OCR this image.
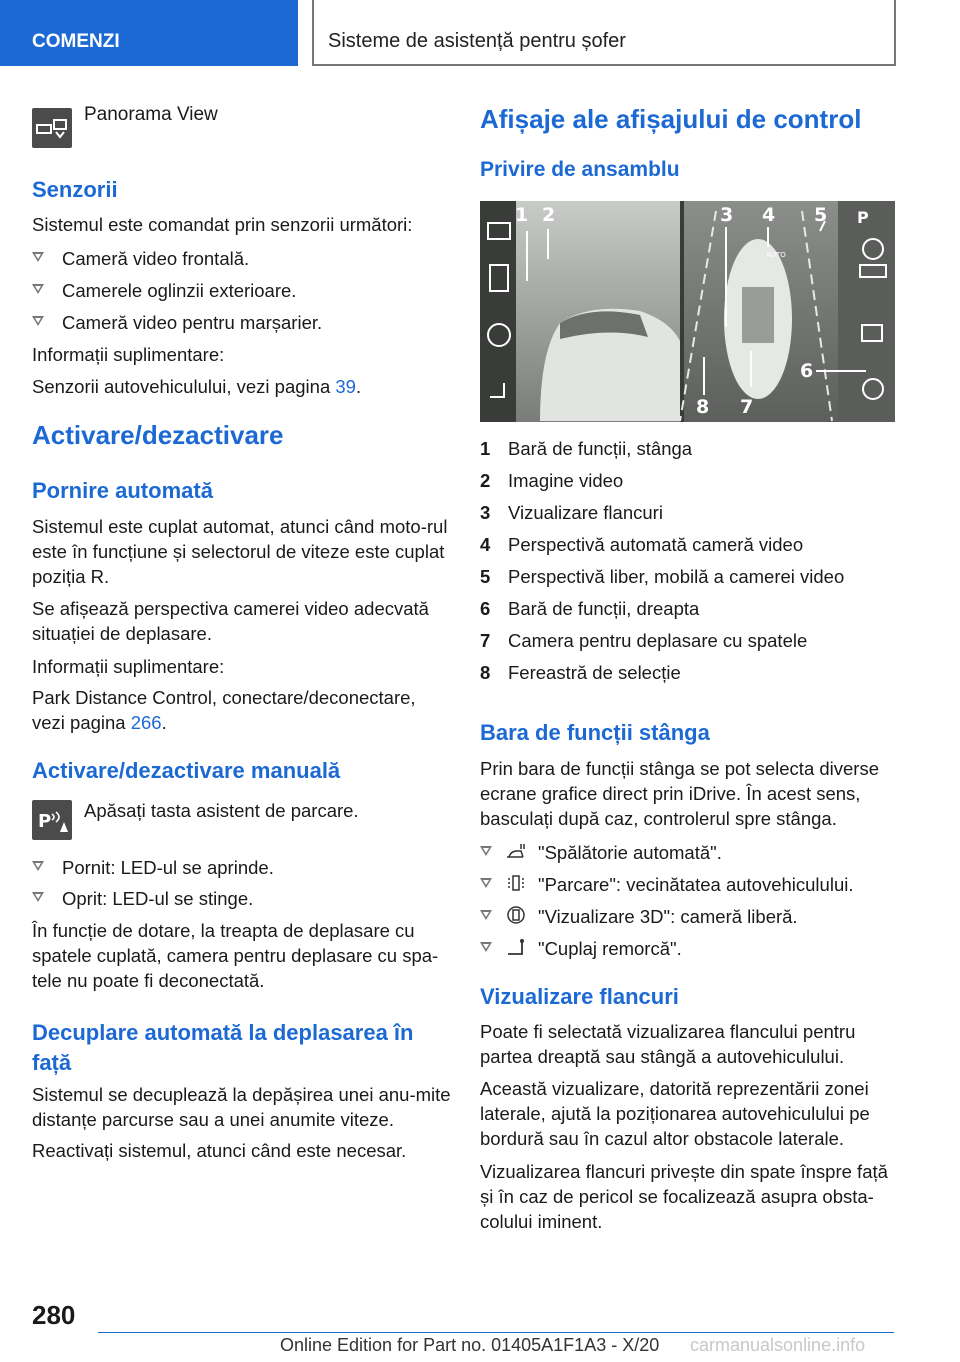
COMENZI	Sisteme de asistență pentru șofer
Panorama View
Senzorii

Sistemul este comandat prin senzorii următori:

Cameră video frontală.
Camerele oglinzii exterioare.
Cameră video pentru marșarier.

Informații suplimentare:

Senzorii autovehiculului, vezi pagina 39.

Activare/dezactivare
Pornire automată

Sistemul este cuplat automat, atunci când moto-rul este în funcțiune și selectorul de viteze este cuplat poziția R.

Se afișează perspectiva camerei video adecvată situației de deplasare.

Informații suplimentare:

Park Distance Control, conectare/deconectare, vezi pagina 266.

Activare/dezactivare manuală
P
Apăsați tasta asistent de parcare.
Pornit: LED-ul se aprinde.
Oprit: LED-ul se stinge.

În funcție de dotare, la treapta de deplasare cu spatele cuplată, camera pentru deplasare cu spa-tele nu poate fi deconectată.

Decuplare automată la deplasarea în față

Sistemul se decuplează la depășirea unei anu-mite distanțe parcurse sau a unei anumite viteze.

Reactivați sistemul, atunci când este necesar.

Afișaje ale afișajului de control
Privire de ansamblu
P
AUTO
1 2	3 4 5
6
7
8
1 Bară de funcții, stânga
2 Imagine video
3 Vizualizare flancuri
4 Perspectivă automată cameră video
5 Perspectivă liber, mobilă a camerei video
6 Bară de funcții, dreapta
7 Camera pentru deplasare cu spatele
8 Fereastră de selecție
Bara de funcții stânga

Prin bara de funcții stânga se pot selecta diverse ecrane grafice direct prin iDrive. În acest sens, basculați după caz, controlerul spre stânga.

"Spălătorie automată".
"Parcare": vecinătatea autovehiculului.
"Vizualizare 3D": cameră liberă.
"Cuplaj remorcă".
Vizualizare flancuri

Poate fi selectată vizualizarea flancului pentru partea dreaptă sau stângă a autovehiculului.

Această vizualizare, datorită reprezentării zonei laterale, ajută la poziționarea autovehiculului pe bordură sau în cazul altor obstacole laterale.

Vizualizarea flancuri privește din spate înspre față și în caz de pericol se focalizează asupra obsta-colului iminent.

280
Online Edition for Part no. 01405A1F1A3 - X/20 carmanualsonline.info
